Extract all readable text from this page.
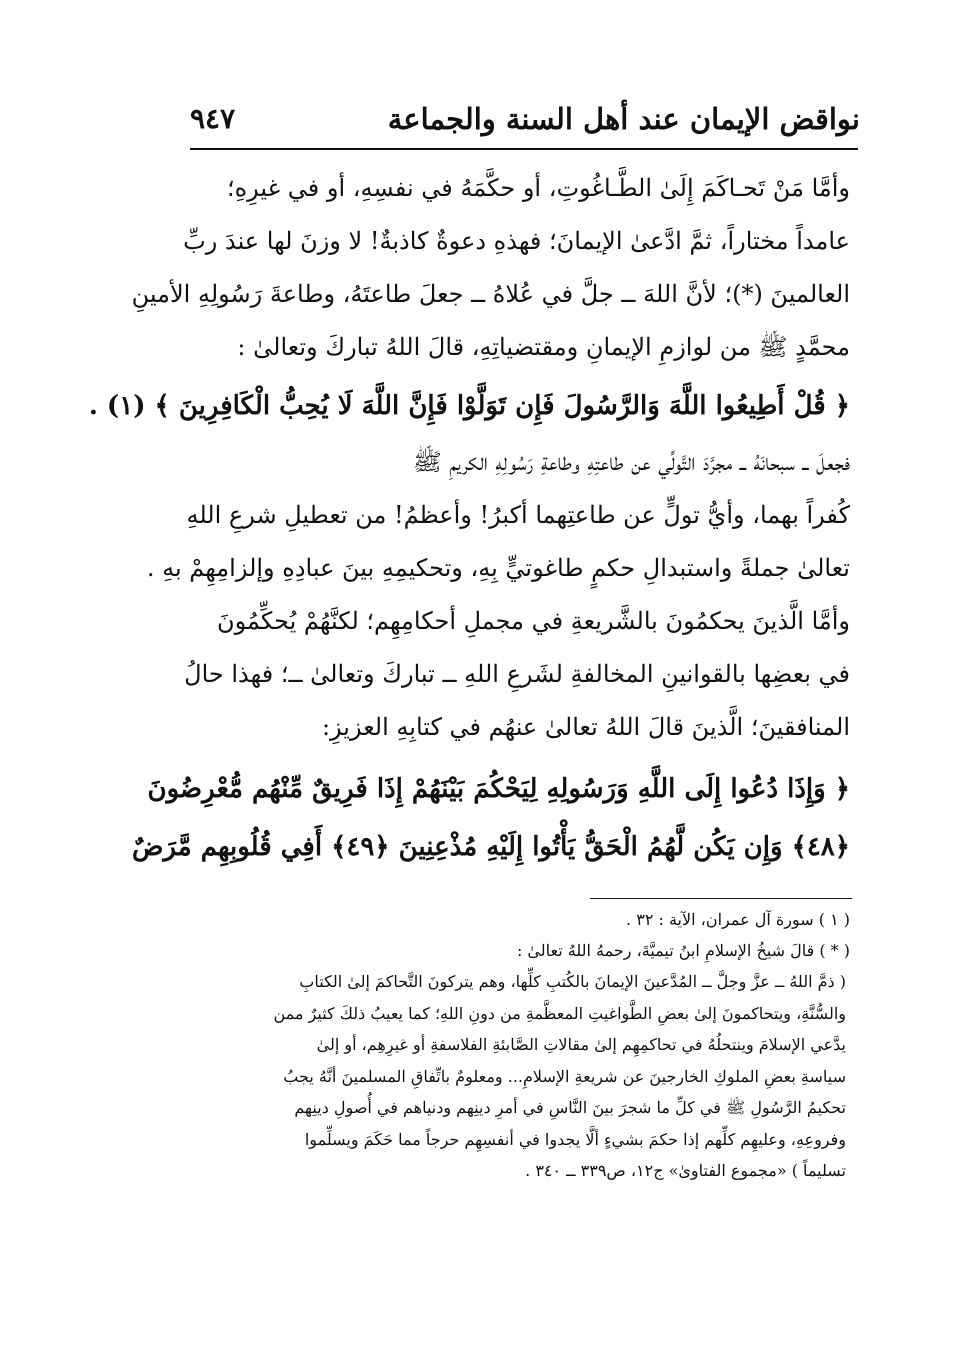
نواقض الإيمان عند أهل السنة والجماعة
٩٤٧
وأمَّا مَنْ تَحـاكَمَ إِلَىٰ الطَّـاغُوتِ، أو حكَّمَهُ في نفسِهِ، أو في غيرِهِ؛
عامداً مختاراً، ثمَّ ادَّعىٰ الإيمانَ؛ فهذهِ دعوةٌ كاذبةٌ! لا وزنَ لها عندَ ربِّ
العالمينَ (*)؛ لأنَّ اللهَ ــ جلَّ في عُلاهُ ــ جعلَ طاعتَهُ، وطاعةَ رَسُولِهِ الأمينِ
محمَّدٍ ﷺ من لوازمِ الإيمانِ ومقتضياتِهِ، قالَ اللهُ تباركَ وتعالىٰ :
﴿ قُلْ أَطِيعُوا اللَّهَ وَالرَّسُولَ فَإِن تَوَلَّوْا فَإِنَّ اللَّهَ لَا يُحِبُّ الْكَافِرِينَ ﴾ (١) .
فجعلَ ــ سبحانَهُ ــ مجرَّدَ التَّولِّي عن طاعتِهِ وطاعةِ رَسُولِهِ الكريمِ ﷺ
كُفراً بهما، وأيُّ تولٍّ عن طاعتِهما أكبرُ! وأعظمُ! من تعطيلِ شرعِ اللهِ
تعالىٰ جملةً واستبدالِ حكمٍ طاغوتيٍّ بِهِ، وتحكيمِهِ بينَ عبادِهِ وإلزامِهِمْ بهِ .
وأمَّا الَّذينَ يحكمُونَ بالشَّريعةِ في مجملِ أحكامِهِم؛ لكنَّهُمْ يُحكِّمُونَ
في بعضِها بالقوانينِ المخالفةِ لشَرعِ اللهِ ــ تباركَ وتعالىٰ ــ؛ فهذا حالُ
المنافقينَ؛ الَّذينَ قالَ اللهُ تعالىٰ عنهُم في كتابِهِ العزيزِ:
﴿ وَإِذَا دُعُوا إِلَى اللَّهِ وَرَسُولِهِ لِيَحْكُمَ بَيْنَهُمْ إِذَا فَرِيقٌ مِّنْهُم مُّعْرِضُونَ
﴿٤٨﴾ وَإِن يَكُن لَّهُمُ الْحَقُّ يَأْتُوا إِلَيْهِ مُذْعِنِينَ ﴿٤٩﴾ أَفِي قُلُوبِهِم مَّرَضٌ

( ١ ) سورة آل عمران، الآية : ٣٢ .

( * ) قالَ شيخُ الإسلامِ ابنُ تيميَّةَ، رحمهُ اللهُ تعالىٰ :

( ذمَّ اللهُ ــ عزَّ وجلَّ ــ المُدَّعينَ الإيمانَ بالكُتبِ كلِّها، وهم يتركونَ التَّحاكمَ إلىٰ الكتابِ
والسُّنَّةِ، ويتحاكمونَ إلىٰ بعضِ الطَّواغيتِ المعظَّمةِ من دونِ اللهِ؛ كما يعيبُ ذلكَ كثيرٌ ممن
يدَّعي الإسلامَ وينتحلُهُ في تحاكمِهِم إلىٰ مقالاتِ الصَّابئةِ الفلاسفةِ أو غيرِهِم، أو إلىٰ
سياسةِ بعضِ الملوكِ الخارجينَ عن شريعةِ الإسلامِ... ومعلومٌ باتِّفاقِ المسلمينَ أنَّهُ يجبُ
تحكيمُ الرَّسُولِ ﷺ في كلِّ ما شجرَ بينَ النَّاسِ في أمرِ دينِهم ودنياهم في أُصولِ دينِهم
وفروعِهِ، وعليهِم كلِّهم إذا حكمَ بشيءٍ ألَّا يجدوا في أنفسِهِم حرجاً مما حَكَمَ ويسلِّموا
تسليماً ) «مجموع الفتاوىٰ» ج١٢، ص٣٣٩ ــ ٣٤٠ .
